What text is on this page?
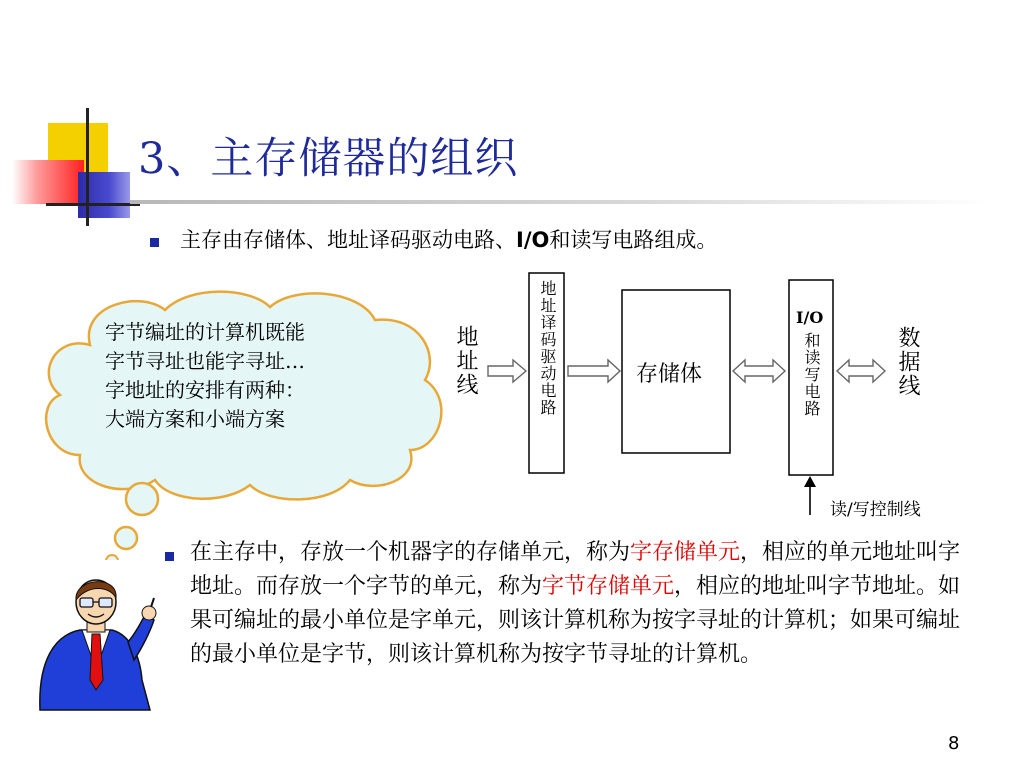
3、主存储器的组织
主存由存储体、地址译码驱动电路、I/O和读写电路组成。
字节编址的计算机既能
字节寻址也能字寻址…
字地址的安排有两种：
大端方案和小端方案
地址线	地址译码驱动电路	存储体
I/O
和读写电路	数据线
读/写控制线
在主存中，存放一个机器字的存储单元，称为字存储单元，相应的单元地址叫字地址。而存放一个字节的单元，称为字节存储单元，相应的地址叫字节地址。如果可编址的最小单位是字单元，则该计算机称为按字寻址的计算机；如果可编址的最小单位是字节，则该计算机称为按字节寻址的计算机。
8
